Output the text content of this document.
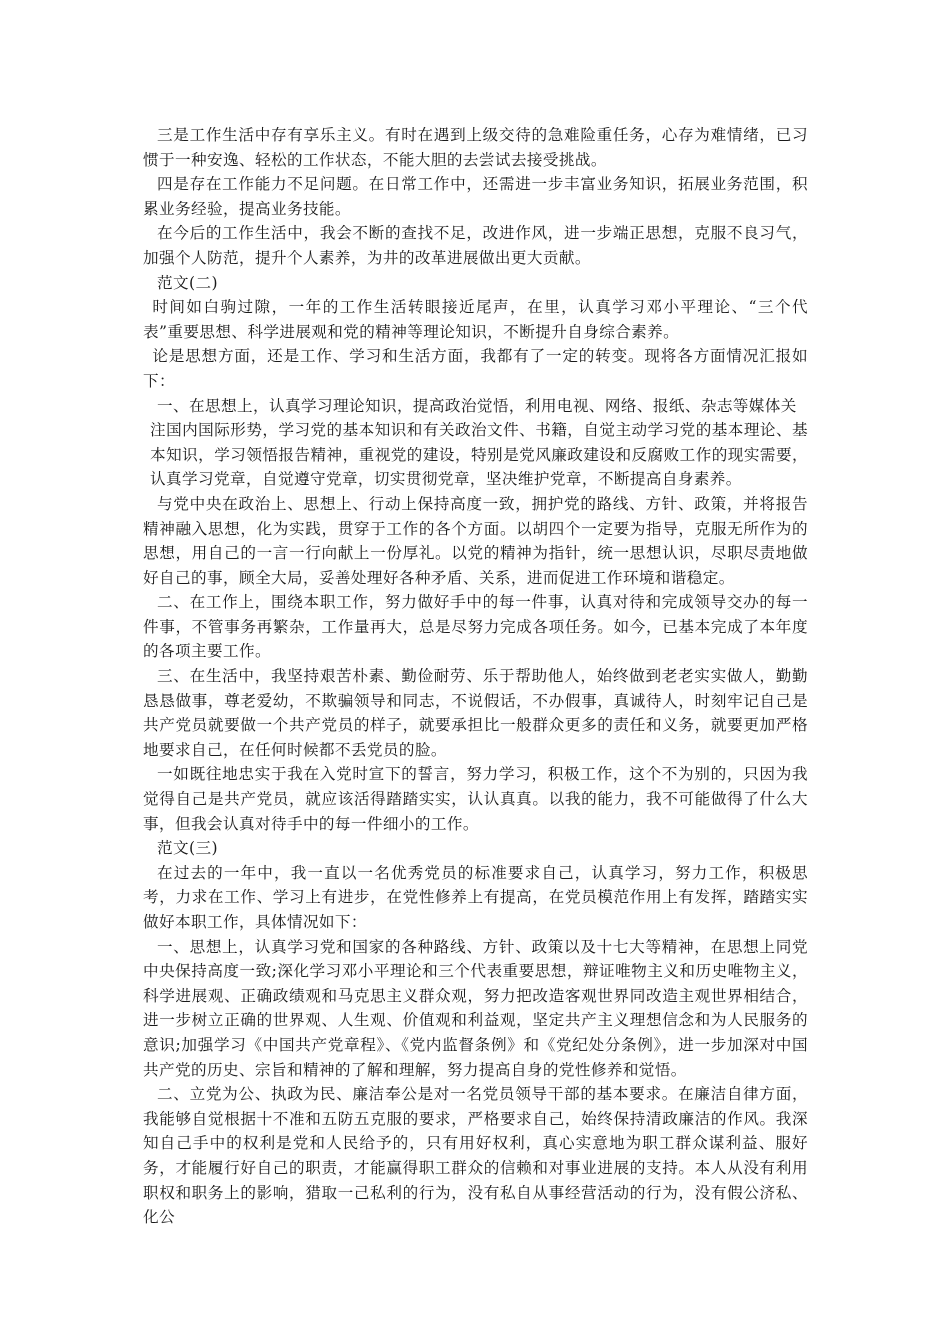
三是工作生活中存有享乐主义。有时在遇到上级交待的急难险重任务，心存为难情绪，已习惯于一种安逸、轻松的工作状态，不能大胆的去尝试去接受挑战。

四是存在工作能力不足问题。在日常工作中，还需进一步丰富业务知识，拓展业务范围，积累业务经验，提高业务技能。

在今后的工作生活中，我会不断的查找不足，改进作风，进一步端正思想，克服不良习气，加强个人防范，提升个人素养，为井的改革进展做出更大贡献。

范文(二)

时间如白驹过隙，一年的工作生活转眼接近尾声，在里，认真学习邓小平理论、“三个代表”重要思想、科学进展观和党的精神等理论知识，不断提升自身综合素养。

论是思想方面，还是工作、学习和生活方面，我都有了一定的转变。现将各方面情况汇报如下：

一、在思想上，认真学习理论知识，提高政治觉悟，利用电视、网络、报纸、杂志等媒体关

注国内国际形势，学习党的基本知识和有关政治文件、书籍，自觉主动学习党的基本理论、基本知识，学习领悟报告精神，重视党的建设，特别是党风廉政建设和反腐败工作的现实需要，认真学习党章，自觉遵守党章，切实贯彻党章，坚决维护党章，不断提高自身素养。

与党中央在政治上、思想上、行动上保持高度一致，拥护党的路线、方针、政策，并将报告精神融入思想，化为实践，贯穿于工作的各个方面。以胡四个一定要为指导，克服无所作为的思想，用自己的一言一行向献上一份厚礼。以党的精神为指针，统一思想认识，尽职尽责地做好自己的事，顾全大局，妥善处理好各种矛盾、关系，进而促进工作环境和谐稳定。

二、在工作上，围绕本职工作，努力做好手中的每一件事，认真对待和完成领导交办的每一件事，不管事务再繁杂，工作量再大，总是尽努力完成各项任务。如今，已基本完成了本年度的各项主要工作。

三、在生活中，我坚持艰苦朴素、勤俭耐劳、乐于帮助他人，始终做到老老实实做人，勤勤恳恳做事，尊老爱幼，不欺骗领导和同志，不说假话，不办假事，真诚待人，时刻牢记自己是共产党员就要做一个共产党员的样子，就要承担比一般群众更多的责任和义务，就要更加严格地要求自己，在任何时候都不丢党员的脸。

一如既往地忠实于我在入党时宣下的誓言，努力学习，积极工作，这个不为别的，只因为我觉得自己是共产党员，就应该活得踏踏实实，认认真真。以我的能力，我不可能做得了什么大事，但我会认真对待手中的每一件细小的工作。

范文(三)

在过去的一年中，我一直以一名优秀党员的标准要求自己，认真学习，努力工作，积极思考，力求在工作、学习上有进步，在党性修养上有提高，在党员模范作用上有发挥，踏踏实实做好本职工作，具体情况如下：

一、思想上，认真学习党和国家的各种路线、方针、政策以及十七大等精神，在思想上同党中央保持高度一致;深化学习邓小平理论和三个代表重要思想，辩证唯物主义和历史唯物主义，科学进展观、正确政绩观和马克思主义群众观，努力把改造客观世界同改造主观世界相结合，进一步树立正确的世界观、人生观、价值观和利益观，坚定共产主义理想信念和为人民服务的意识;加强学习《中国共产党章程》、《党内监督条例》和《党纪处分条例》，进一步加深对中国共产党的历史、宗旨和精神的了解和理解，努力提高自身的党性修养和觉悟。

二、立党为公、执政为民、廉洁奉公是对一名党员领导干部的基本要求。在廉洁自律方面，我能够自觉根据十不准和五防五克服的要求，严格要求自己，始终保持清政廉洁的作风。我深知自己手中的权利是党和人民给予的，只有用好权利，真心实意地为职工群众谋利益、服好务，才能履行好自己的职责，才能赢得职工群众的信赖和对事业进展的支持。本人从没有利用职权和职务上的影响，猎取一己私利的行为，没有私自从事经营活动的行为，没有假公济私、化公
